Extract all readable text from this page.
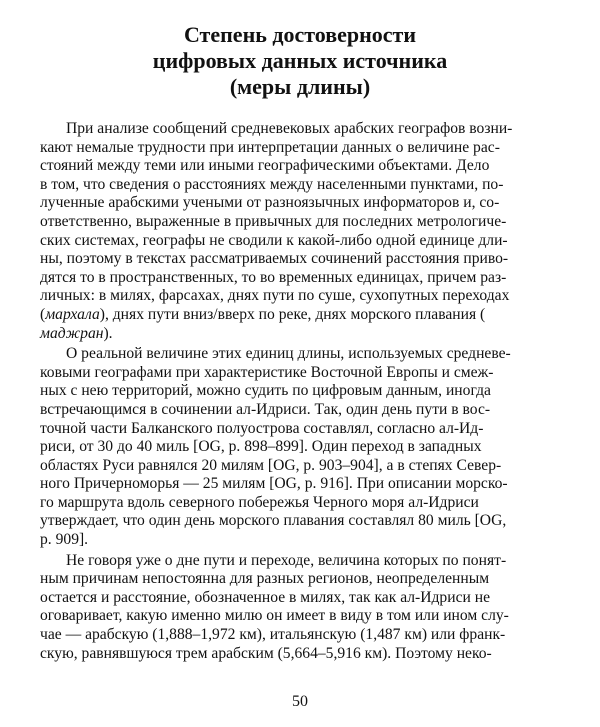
Степень достоверности
цифровых данных источника
(меры длины)

При анализе сообщений средневековых арабских географов возни-

кают немалые трудности при интерпретации данных о величине рас-

стояний между теми или иными географическими объектами. Дело

в том, что сведения о расстояниях между населенными пунктами, по-

лученные арабскими учеными от разноязычных информаторов и, со-

ответственно, выраженные в привычных для последних метрологиче-

ских системах, географы не сводили к какой-либо одной единице дли-

ны, поэтому в текстах рассматриваемых сочинений расстояния приво-

дятся то в пространственных, то во временных единицах, причем раз-

личных: в милях, фарсахах, днях пути по суше, сухопутных переходах

(мархала), днях пути вниз/вверх по реке, днях морского плавания (

маджран).

О реальной величине этих единиц длины, используемых средневе-

ковыми географами при характеристике Восточной Европы и смеж-

ных с нею территорий, можно судить по цифровым данным, иногда

встречающимся в сочинении ал-Идриси. Так, один день пути в вос-

точной части Балканского полуострова составлял, согласно ал-Ид-

риси, от 30 до 40 миль [OG, p. 898–899]. Один переход в западных

областях Руси равнялся 20 милям [OG, p. 903–904], а в степях Север-

ного Причерноморья — 25 милям [OG, p. 916]. При описании морско-

го маршрута вдоль северного побережья Черного моря ал-Идриси

утверждает, что один день морского плавания составлял 80 миль [OG,

p. 909].

Не говоря уже о дне пути и переходе, величина которых по понят-

ным причинам непостоянна для разных регионов, неопределенным

остается и расстояние, обозначенное в милях, так как ал-Идриси не

оговаривает, какую именно милю он имеет в виду в том или ином слу-

чае — арабскую (1,888–1,972 км), итальянскую (1,487 км) или франк-

скую, равнявшуюся трем арабским (5,664–5,916 км). Поэтому неко-

50
